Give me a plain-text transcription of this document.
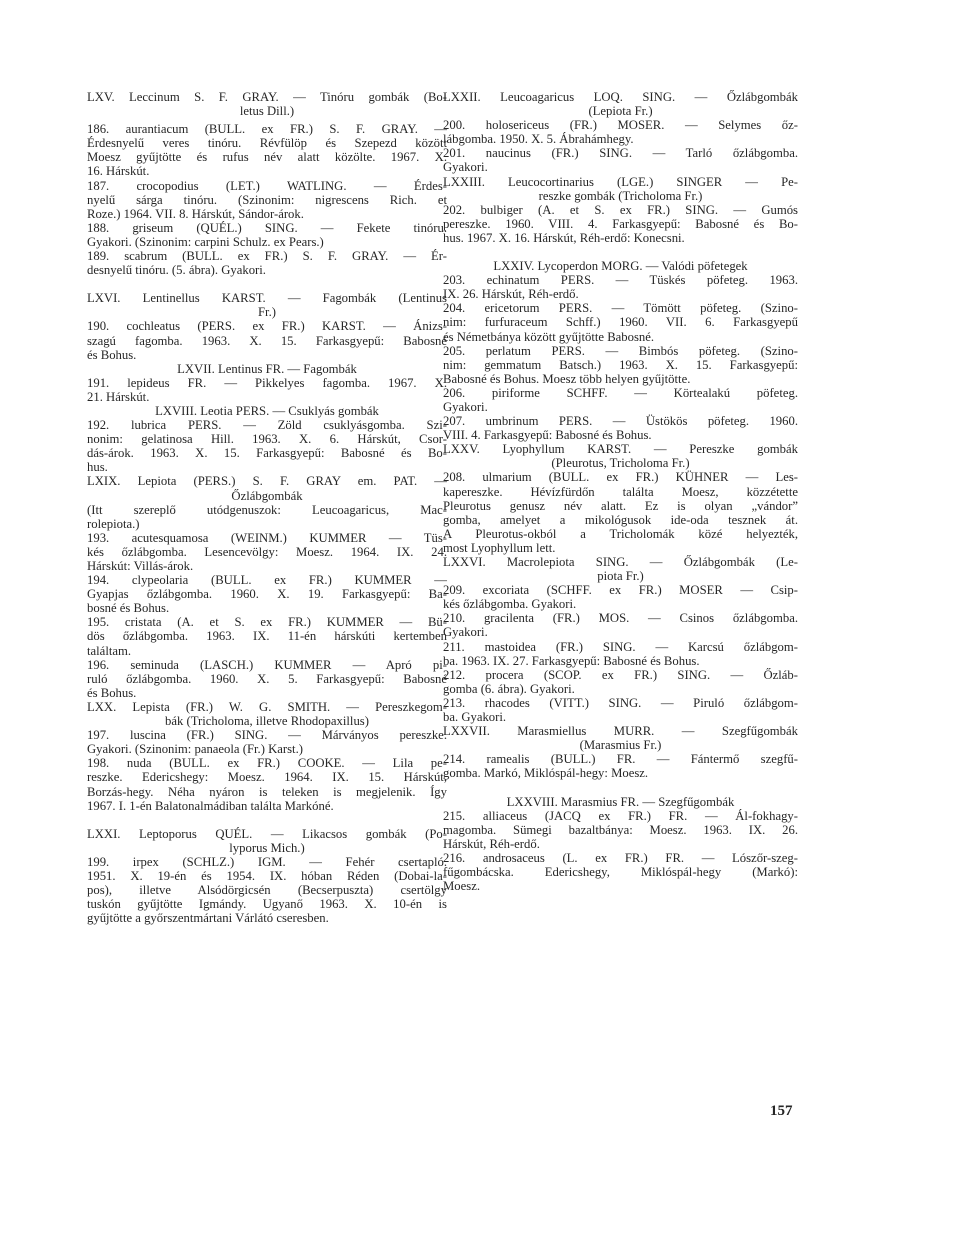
LXV. Leccinum S. F. GRAY. — Tinóru gombák (Bo-
letus Dill.)
186. aurantiacum (BULL. ex FR.) S. F. GRAY. —
Érdesnyelű veres tinóru. Révfülöp és Szepezd között
Moesz gyűjtötte és rufus név alatt közölte. 1967. X.
16. Hárskút.
187. crocopodius (LET.) WATLING. — Érdes-
nyelű sárga tinóru. (Szinonim: nigrescens Rich. et
Roze.) 1964. VII. 8. Hárskút, Sándor-árok.
188. griseum (QUÉL.) SING. — Fekete tinóru.
Gyakori. (Szinonim: carpini Schulz. ex Pears.)
189. scabrum (BULL. ex FR.) S. F. GRAY. — Ér-
desnyelű tinóru. (5. ábra). Gyakori.
LXVI. Lentinellus KARST. — Fagombák (Lentinus
Fr.)
190. cochleatus (PERS. ex FR.) KARST. — Ánizs-
szagú fagomba. 1963. X. 15. Farkasgyepű: Babosné
és Bohus.
LXVII. Lentinus FR. — Fagombák
191. lepideus FR. — Pikkelyes fagomba. 1967. X.
21. Hárskút.
LXVIII. Leotia PERS. — Csuklyás gombák
192. lubrica PERS. — Zöld csuklyásgomba. Szi-
nonim: gelatinosa Hill. 1963. X. 6. Hárskút, Csor-
dás-árok. 1963. X. 15. Farkasgyepű: Babosné és Bo-
hus.
LXIX. Lepiota (PERS.) S. F. GRAY em. PAT. —
Őzlábgombák
(Itt szereplő utódgenuszok: Leucoagaricus, Mac-
rolepiota.)
193. acutesquamosa (WEINM.) KUMMER — Tüs-
kés őzlábgomba. Lesencevölgy: Moesz. 1964. IX. 24.
Hárskút: Villás-árok.
194. clypeolaria (BULL. ex FR.) KUMMER —
Gyapjas őzlábgomba. 1960. X. 19. Farkasgyepű: Ba-
bosné és Bohus.
195. cristata (A. et S. ex FR.) KUMMER — Bü-
dös őzlábgomba. 1963. IX. 11-én hárskúti kertemben
találtam.
196. seminuda (LASCH.) KUMMER — Apró pi-
ruló őzlábgomba. 1960. X. 5. Farkasgyepű: Babosné
és Bohus.
LXX. Lepista (FR.) W. G. SMITH. — Pereszkegom-
bák (Tricholoma, illetve Rhodopaxillus)
197. luscina (FR.) SING. — Márványos pereszke.
Gyakori. (Szinonim: panaeola (Fr.) Karst.)
198. nuda (BULL. ex FR.) COOKE. — Lila pe-
reszke. Edericshegy: Moesz. 1964. IX. 15. Hárskút,
Borzás-hegy. Néha nyáron is teleken is megjelenik. Így
1967. I. 1-én Balatonalmádiban találta Markóné.
LXXI. Leptoporus QUÉL. — Likacsos gombák (Po-
lyporus Mich.)
199. irpex (SCHLZ.) IGM. — Fehér csertapló.
1951. X. 19-én és 1954. IX. hóban Réden (Dobai-la-
pos), illetve Alsódörgicsén (Becserpuszta) csertölgy
tuskón gyűjtötte Igmándy. Ugyanő 1963. X. 10-én is
gyűjtötte a győrszentmártani Várlátó cseresben.
LXXII. Leucoagaricus LOQ. SING. — Őzlábgombák
(Lepiota Fr.)
200. holosericeus (FR.) MOSER. — Selymes őz-
lábgomba. 1950. X. 5. Ábrahámhegy.
201. naucinus (FR.) SING. — Tarló őzlábgomba.
Gyakori.
LXXIII. Leucocortinarius (LGE.) SINGER — Pe-
reszke gombák (Tricholoma Fr.)
202. bulbiger (A. et S. ex FR.) SING. — Gumós
pereszke. 1960. VIII. 4. Farkasgyepű: Babosné és Bo-
hus. 1967. X. 16. Hárskút, Réh-erdő: Konecsni.
LXXIV. Lycoperdon MORG. — Valódi pöfetegek
203. echinatum PERS. — Tüskés pöfeteg. 1963.
IX. 26. Hárskút, Réh-erdő.
204. ericetorum PERS. — Tömött pöfeteg. (Szino-
nim: furfuraceum Schff.) 1960. VII. 6. Farkasgyepű
és Németbánya között gyűjtötte Babosné.
205. perlatum PERS. — Bimbós pöfeteg. (Szino-
nim: gemmatum Batsch.) 1963. X. 15. Farkasgyepű:
Babosné és Bohus. Moesz több helyen gyűjtötte.
206. piriforme SCHFF. — Körtealakú pöfeteg.
Gyakori.
207. umbrinum PERS. — Üstökös pöfeteg. 1960.
VIII. 4. Farkasgyepű: Babosné és Bohus.
LXXV. Lyophyllum KARST. — Pereszke gombák
(Pleurotus, Tricholoma Fr.)
208. ulmarium (BULL. ex FR.) KÜHNER — Les-
kapereszke. Hévízfürdőn találta Moesz, közzétette
Pleurotus genusz név alatt. Ez is olyan „vándor”
gomba, amelyet a mikológusok ide-oda tesznek át.
A Pleurotus-okból a Tricholomák közé helyezték,
most Lyophyllum lett.
LXXVI. Macrolepiota SING. — Őzlábgombák (Le-
piota Fr.)
209. excoriata (SCHFF. ex FR.) MOSER — Csip-
kés őzlábgomba. Gyakori.
210. gracilenta (FR.) MOS. — Csinos őzlábgomba.
Gyakori.
211. mastoidea (FR.) SING. — Karcsú őzlábgom-
ba. 1963. IX. 27. Farkasgyepű: Babosné és Bohus.
212. procera (SCOP. ex FR.) SING. — Őzláb-
gomba (6. ábra). Gyakori.
213. rhacodes (VITT.) SING. — Piruló őzlábgom-
ba. Gyakori.
LXXVII. Marasmiellus MURR. — Szegfűgombák
(Marasmius Fr.)
214. ramealis (BULL.) FR. — Fántermő szegfű-
gomba. Markó, Miklóspál-hegy: Moesz.
LXXVIII. Marasmius FR. — Szegfűgombák
215. alliaceus (JACQ ex FR.) FR. — Ál-fokhagy-
magomba. Sümegi bazaltbánya: Moesz. 1963. IX. 26.
Hárskút, Réh-erdő.
216. androsaceus (L. ex FR.) FR. — Lószőr-szeg-
fűgombácska. Edericshegy, Miklóspál-hegy (Markó):
Moesz.
157
